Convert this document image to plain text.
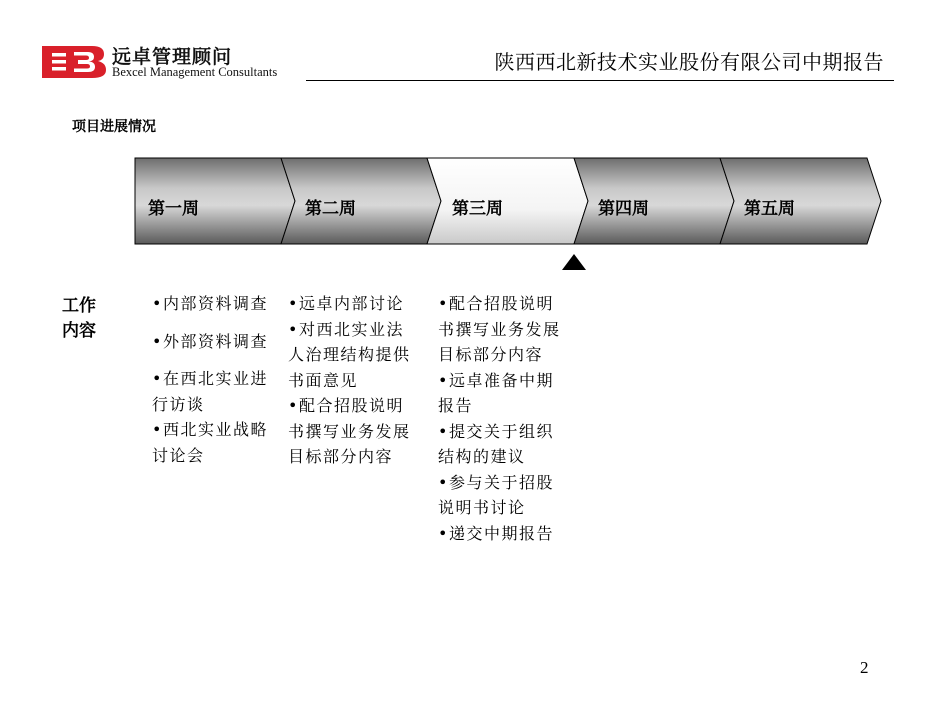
远卓管理顾问
Bexcel Management Consultants	陕西西北新技术实业股份有限公司中期报告
项目进展情况
第一周	第二周	第三周	第四周	第五周
工作内容
•内部资料调查
•外部资料调查
•在西北实业进行访谈
•西北实业战略讨论会
•远卓内部讨论
•对西北实业法人治理结构提供书面意见
•配合招股说明书撰写业务发展目标部分内容
•配合招股说明书撰写业务发展目标部分内容
•远卓准备中期报告
•提交关于组织结构的建议
•参与关于招股说明书讨论
•递交中期报告
2
